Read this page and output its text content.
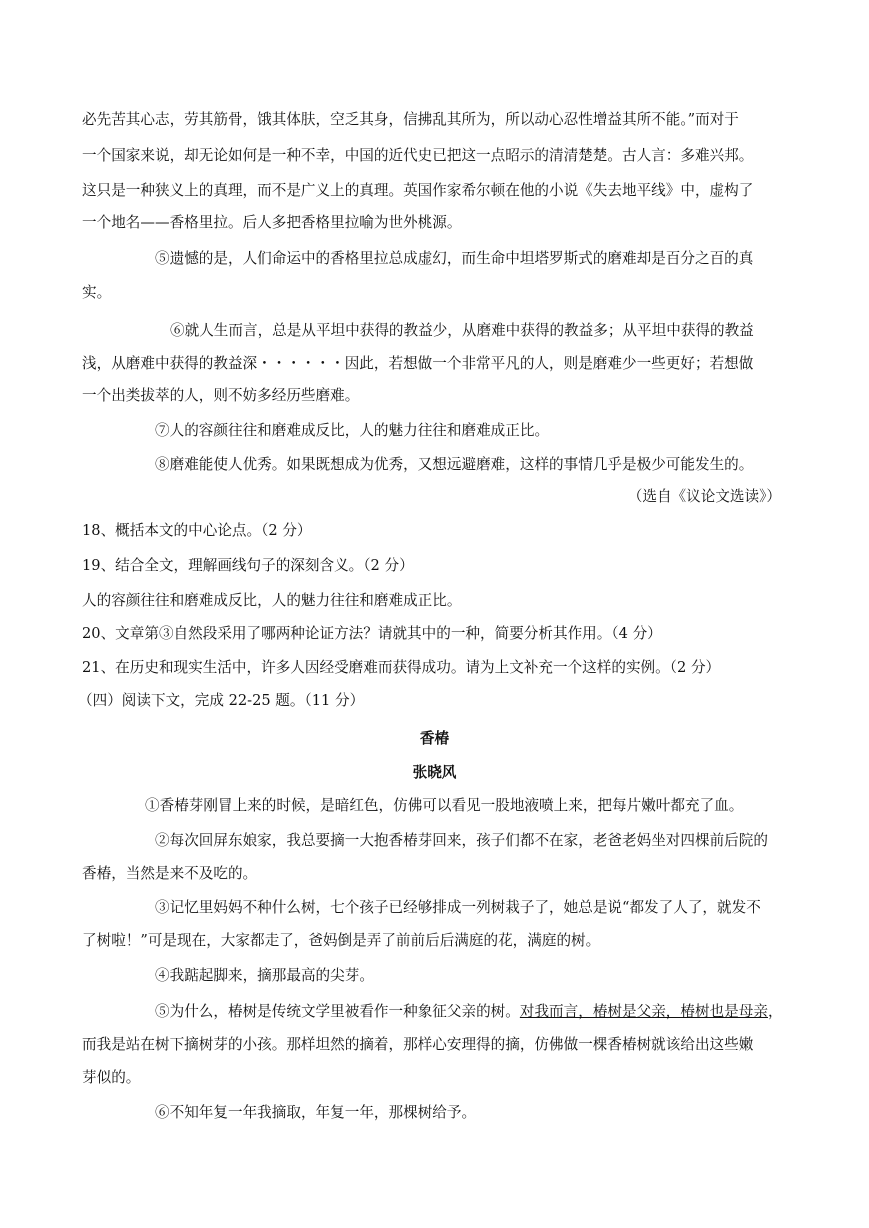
必先苦其心志，劳其筋骨，饿其体肤，空乏其身，信拂乱其所为，所以动心忍性增益其所不能。”而对于
一个国家来说，却无论如何是一种不幸，中国的近代史已把这一点昭示的清清楚楚。古人言：多难兴邦。
这只是一种狭义上的真理，而不是广义上的真理。英国作家希尔顿在他的小说《失去地平线》中，虚构了
一个地名——香格里拉。后人多把香格里拉喻为世外桃源。
⑤遗憾的是，人们命运中的香格里拉总成虚幻，而生命中坦塔罗斯式的磨难却是百分之百的真
实。
⑥就人生而言，总是从平坦中获得的教益少，从磨难中获得的教益多；从平坦中获得的教益
浅，从磨难中获得的教益深・・・・・・因此，若想做一个非常平凡的人，则是磨难少一些更好；若想做
一个出类拔萃的人，则不妨多经历些磨难。
⑦人的容颜往往和磨难成反比，人的魅力往往和磨难成正比。
⑧磨难能使人优秀。如果既想成为优秀，又想远避磨难，这样的事情几乎是极少可能发生的。
（选自《议论文选读》）
18、概括本文的中心论点。（2 分）
19、结合全文，理解画线句子的深刻含义。（2 分）
人的容颜往往和磨难成反比，人的魅力往往和磨难成正比。
20、文章第③自然段采用了哪两种论证方法？请就其中的一种，简要分析其作用。（4 分）
21、在历史和现实生活中，许多人因经受磨难而获得成功。请为上文补充一个这样的实例。（2 分）
（四）阅读下文，完成 22-25 题。（11 分）
香椿
张晓风
①香椿芽刚冒上来的时候，是暗红色，仿佛可以看见一股地液喷上来，把每片嫩叶都充了血。
②每次回屏东娘家，我总要摘一大抱香椿芽回来，孩子们都不在家，老爸老妈坐对四棵前后院的
香椿，当然是来不及吃的。
③记忆里妈妈不种什么树，七个孩子已经够排成一列树栽子了，她总是说“都发了人了，就发不
了树啦！”可是现在，大家都走了，爸妈倒是弄了前前后后满庭的花，满庭的树。
④我踮起脚来，摘那最高的尖芽。
⑤为什么，椿树是传统文学里被看作一种象征父亲的树。对我而言，椿树是父亲，椿树也是母亲，
而我是站在树下摘树芽的小孩。那样坦然的摘着，那样心安理得的摘，仿佛做一棵香椿树就该给出这些嫩
芽似的。
⑥不知年复一年我摘取，年复一年，那棵树给予。
